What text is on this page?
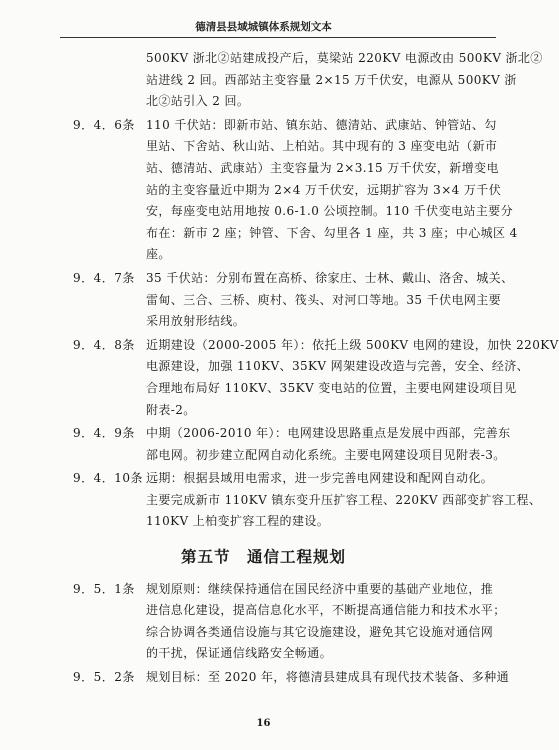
德清县县域城镇体系规划文本
500KV 浙北②站建成投产后，莫梁站 220KV 电源改由 500KV 浙北②
站进线 2 回。西部站主变容量 2×15 万千伏安，电源从 500KV 浙
北②站引入 2 回。
9．4．6条 110 千伏站：即新市站、镇东站、德清站、武康站、钟管站、勾
里站、下舍站、秋山站、上柏站。其中现有的 3 座变电站（新市
站、德清站、武康站）主变容量为 2×3.15 万千伏安，新增变电
站的主变容量近中期为 2×4 万千伏安，远期扩容为 3×4 万千伏
安，每座变电站用地按 0.6-1.0 公顷控制。110 千伏变电站主要分
布在：新市 2 座；钟管、下舍、勾里各 1 座，共 3 座；中心城区 4
座。
9．4．7条 35 千伏站：分别布置在高桥、徐家庄、士林、戴山、洛舍、城关、
雷甸、三合、三桥、庾村、筏头、对河口等地。35 千伏电网主要
采用放射形结线。
9．4．8条 近期建设（2000-2005 年）：依托上级 500KV 电网的建设，加快 220KV
电源建设，加强 110KV、35KV 网架建设改造与完善，安全、经济、
合理地布局好 110KV、35KV 变电站的位置，主要电网建设项目见
附表-2。
9．4．9条 中期（2006-2010 年）：电网建设思路重点是发展中西部，完善东
部电网。初步建立配网自动化系统。主要电网建设项目见附表-3。
9．4．10条 远期：根据县域用电需求，进一步完善电网建设和配网自动化。
主要完成新市 110KV 镇东变升压扩容工程、220KV 西部变扩容工程、
110KV 上柏变扩容工程的建设。
第五节　通信工程规划
9．5．1条 规划原则：继续保持通信在国民经济中重要的基础产业地位，推
进信息化建设，提高信息化水平，不断提高通信能力和技术水平；
综合协调各类通信设施与其它设施建设，避免其它设施对通信网
的干扰，保证通信线路安全畅通。
9．5．2条 规划目标：至 2020 年，将德清县建成具有现代技术装备、多种通
16
